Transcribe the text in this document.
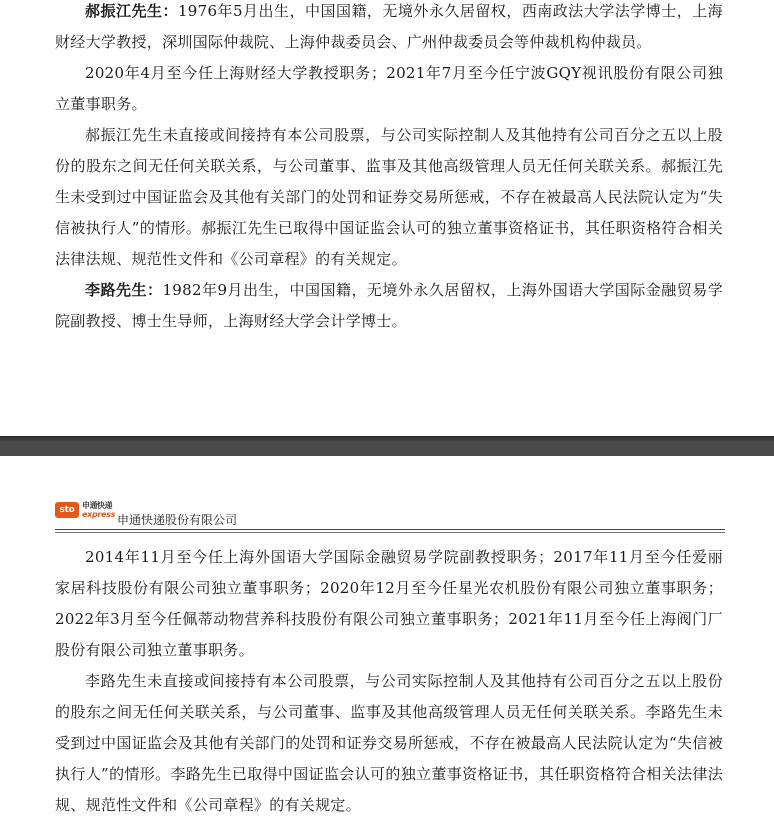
郝振江先生：1976年5月出生，中国国籍，无境外永久居留权，西南政法大学法学博士，上海财经大学教授，深圳国际仲裁院、上海仲裁委员会、广州仲裁委员会等仲裁机构仲裁员。

2020年4月至今任上海财经大学教授职务；2021年7月至今任宁波GQY视讯股份有限公司独立董事职务。

郝振江先生未直接或间接持有本公司股票，与公司实际控制人及其他持有公司百分之五以上股份的股东之间无任何关联关系，与公司董事、监事及其他高级管理人员无任何关联关系。郝振江先生未受到过中国证监会及其他有关部门的处罚和证券交易所惩戒，不存在被最高人民法院认定为“失信被执行人”的情形。郝振江先生已取得中国证监会认可的独立董事资格证书，其任职资格符合相关法律法规、规范性文件和《公司章程》的有关规定。

李路先生：1982年9月出生，中国国籍，无境外永久居留权，上海外国语大学国际金融贸易学院副教授、博士生导师，上海财经大学会计学博士。

sto 申通快递
express 申通快递股份有限公司

2014年11月至今任上海外国语大学国际金融贸易学院副教授职务；2017年11月至今任爱丽家居科技股份有限公司独立董事职务；2020年12月至今任星光农机股份有限公司独立董事职务；2022年3月至今任佩蒂动物营养科技股份有限公司独立董事职务；2021年11月至今任上海阀门厂股份有限公司独立董事职务。

李路先生未直接或间接持有本公司股票，与公司实际控制人及其他持有公司百分之五以上股份的股东之间无任何关联关系，与公司董事、监事及其他高级管理人员无任何关联关系。李路先生未受到过中国证监会及其他有关部门的处罚和证券交易所惩戒，不存在被最高人民法院认定为“失信被执行人”的情形。李路先生已取得中国证监会认可的独立董事资格证书，其任职资格符合相关法律法规、规范性文件和《公司章程》的有关规定。
